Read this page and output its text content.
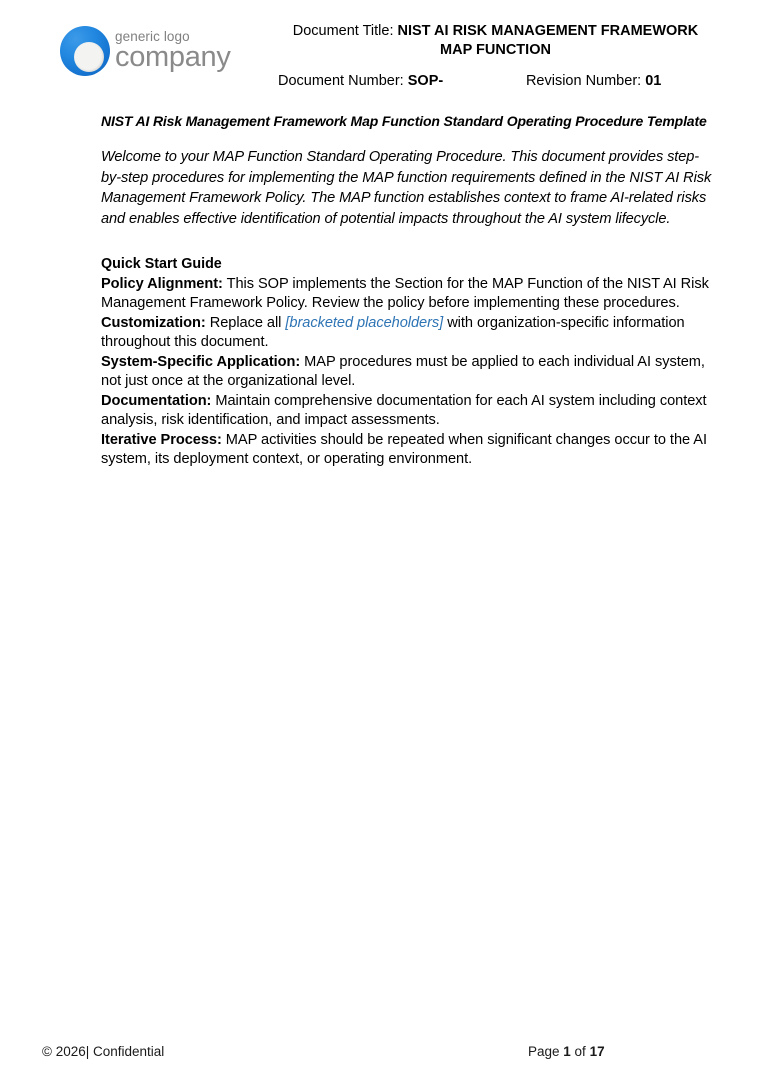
generic logo
company
Document Title: NIST AI RISK MANAGEMENT FRAMEWORK
MAP FUNCTION
Document Number: SOP-	Revision Number: 01

NIST AI Risk Management Framework Map Function Standard Operating Procedure Template

Welcome to your MAP Function Standard Operating Procedure. This document provides step-by-step procedures for implementing the MAP function requirements defined in the NIST AI Risk Management Framework Policy. The MAP function establishes context to frame AI-related risks and enables effective identification of potential impacts throughout the AI system lifecycle.

Quick Start Guide

Policy Alignment: This SOP implements the Section for the MAP Function of the NIST AI Risk Management Framework Policy. Review the policy before implementing these procedures.

Customization: Replace all [bracketed placeholders] with organization-specific information throughout this document.

System-Specific Application: MAP procedures must be applied to each individual AI system, not just once at the organizational level.

Documentation: Maintain comprehensive documentation for each AI system including context analysis, risk identification, and impact assessments.

Iterative Process: MAP activities should be repeated when significant changes occur to the AI system, its deployment context, or operating environment.

© 2026| Confidential	Page 1 of 17
